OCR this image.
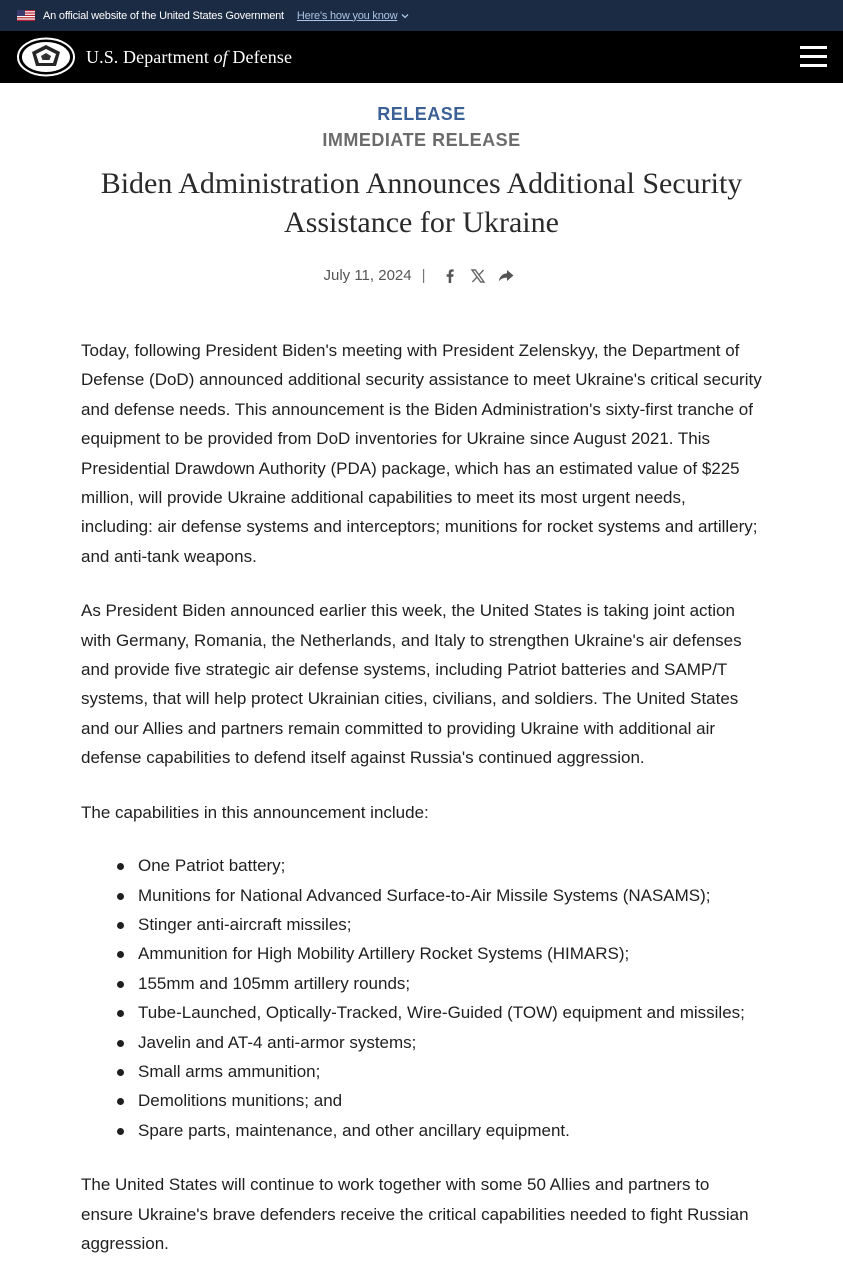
An official website of the United States Government Here's how you know
U.S. Department of Defense
RELEASE
IMMEDIATE RELEASE
Biden Administration Announces Additional Security Assistance for Ukraine
July 11, 2024 |

Today, following President Biden's meeting with President Zelenskyy, the Department of Defense (DoD) announced additional security assistance to meet Ukraine's critical security and defense needs. This announcement is the Biden Administration's sixty-first tranche of equipment to be provided from DoD inventories for Ukraine since August 2021. This Presidential Drawdown Authority (PDA) package, which has an estimated value of $225 million, will provide Ukraine additional capabilities to meet its most urgent needs, including: air defense systems and interceptors; munitions for rocket systems and artillery; and anti-tank weapons.

As President Biden announced earlier this week, the United States is taking joint action with Germany, Romania, the Netherlands, and Italy to strengthen Ukraine's air defenses and provide five strategic air defense systems, including Patriot batteries and SAMP/T systems, that will help protect Ukrainian cities, civilians, and soldiers. The United States and our Allies and partners remain committed to providing Ukraine with additional air defense capabilities to defend itself against Russia's continued aggression.

The capabilities in this announcement include:

One Patriot battery;
Munitions for National Advanced Surface-to-Air Missile Systems (NASAMS);
Stinger anti-aircraft missiles;
Ammunition for High Mobility Artillery Rocket Systems (HIMARS);
155mm and 105mm artillery rounds;
Tube-Launched, Optically-Tracked, Wire-Guided (TOW) equipment and missiles;
Javelin and AT-4 anti-armor systems;
Small arms ammunition;
Demolitions munitions; and
Spare parts, maintenance, and other ancillary equipment.

The United States will continue to work together with some 50 Allies and partners to ensure Ukraine's brave defenders receive the critical capabilities needed to fight Russian aggression.
